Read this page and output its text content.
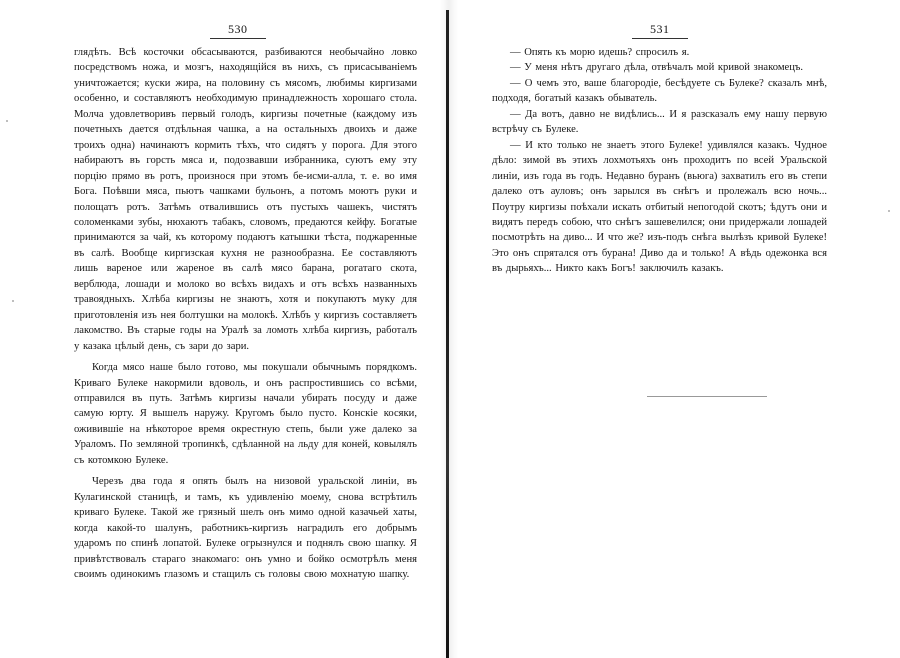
530

глядѣть. Всѣ косточки обсасываются, разбиваются необычайно ловко посредствомъ ножа, и мозгъ, находящійся въ нихъ, съ присасываніемъ уничтожается; куски жира, на половину съ мясомъ, любимы киргизами особенно, и составляютъ необходимую принадлежность хорошаго стола. Молча удовлетворивъ первый голодъ, киргизы почетные (каждому изъ почетныхъ дается отдѣльная чашка, а на остальныхъ двоихъ и даже троихъ одна) начинаютъ кормить тѣхъ, что сидятъ у порога. Для этого набираютъ въ горсть мяса и, подозвавши избранника, суютъ ему эту порцію прямо въ ротъ, произнося при этомъ бе-исми-алла, т. е. во имя Бога. Поѣвши мяса, пьютъ чашками бульонъ, а потомъ моютъ руки и полощатъ ротъ. Затѣмъ отвалившись отъ пустыхъ чашекъ, чистятъ соломенками зубы, нюхаютъ табакъ, словомъ, предаются кейфу. Богатые принимаются за чай, къ которому подаютъ катышки тѣста, поджаренные въ салѣ. Вообще киргизская кухня не разнообразна. Ее составляютъ лишь вареное или жареное въ салѣ мясо барана, рогатаго скота, верблюда, лошади и молоко во всѣхъ видахъ и отъ всѣхъ названныхъ травоядныхъ. Хлѣба киргизы не знаютъ, хотя и покупаютъ муку для приготовленія изъ нея болтушки на молокѣ. Хлѣбъ у киргизъ составляетъ лакомство. Въ старые годы на Уралѣ за ломоть хлѣба киргизъ, работалъ у казака цѣлый день, съ зари до зари.

Когда мясо наше было готово, мы покушали обычнымъ порядкомъ. Криваго Булеке накормили вдоволь, и онъ распростившись со всѣми, отправился въ путь. Затѣмъ киргизы начали убирать посуду и даже самую юрту. Я вышелъ наружу. Кругомъ было пусто. Конскіе косяки, оживившіе на нѣкоторое время окрестную степь, были уже далеко за Ураломъ. По земляной тропинкѣ, сдѣланной на льду для коней, ковылялъ съ котомкою Булеке.

Черезъ два года я опять былъ на низовой уральской линіи, въ Кулагинской станицѣ, и тамъ, къ удивленію моему, снова встрѣтилъ криваго Булеке. Такой же грязный шелъ онъ мимо одной казачьей хаты, когда какой-то шалунъ, работникъ-киргизъ наградилъ его добрымъ ударомъ по спинѣ лопатой. Булеке огрызнулся и поднялъ свою шапку. Я привѣтствовалъ стараго знакомаго: онъ умно и бойко осмотрѣлъ меня своимъ одинокимъ глазомъ и стащилъ съ головы свою мохнатую шапку.

531

— Опять къ морю идешь? спросилъ я.

— У меня нѣтъ другаго дѣла, отвѣчалъ мой кривой знакомецъ.

— О чемъ это, ваше благородіе, бесѣдуете съ Булеке? сказалъ мнѣ, подходя, богатый казакъ обыватель.

— Да вотъ, давно не видѣлись... И я разсказалъ ему нашу первую встрѣчу съ Булеке.

— И кто только не знаетъ этого Булеке! удивлялся казакъ. Чудное дѣло: зимой въ этихъ лохмотьяхъ онъ проходитъ по всей Уральской линіи, изъ года въ годъ. Недавно буранъ (вьюга) захватилъ его въ степи далеко отъ ауловъ; онъ зарылся въ снѣгъ и пролежалъ всю ночь... Поутру киргизы поѣхали искать отбитый непогодой скотъ; ѣдутъ они и видятъ передъ собою, что снѣгъ зашевелился; они придержали лошадей посмотрѣть на диво... И что же? изъ-подъ снѣга вылѣзъ кривой Булеке! Это онъ спрятался отъ бурана! Диво да и только! А вѣдь одежонка вся въ дырьяхъ... Никто какъ Богъ! заключилъ казакъ.
